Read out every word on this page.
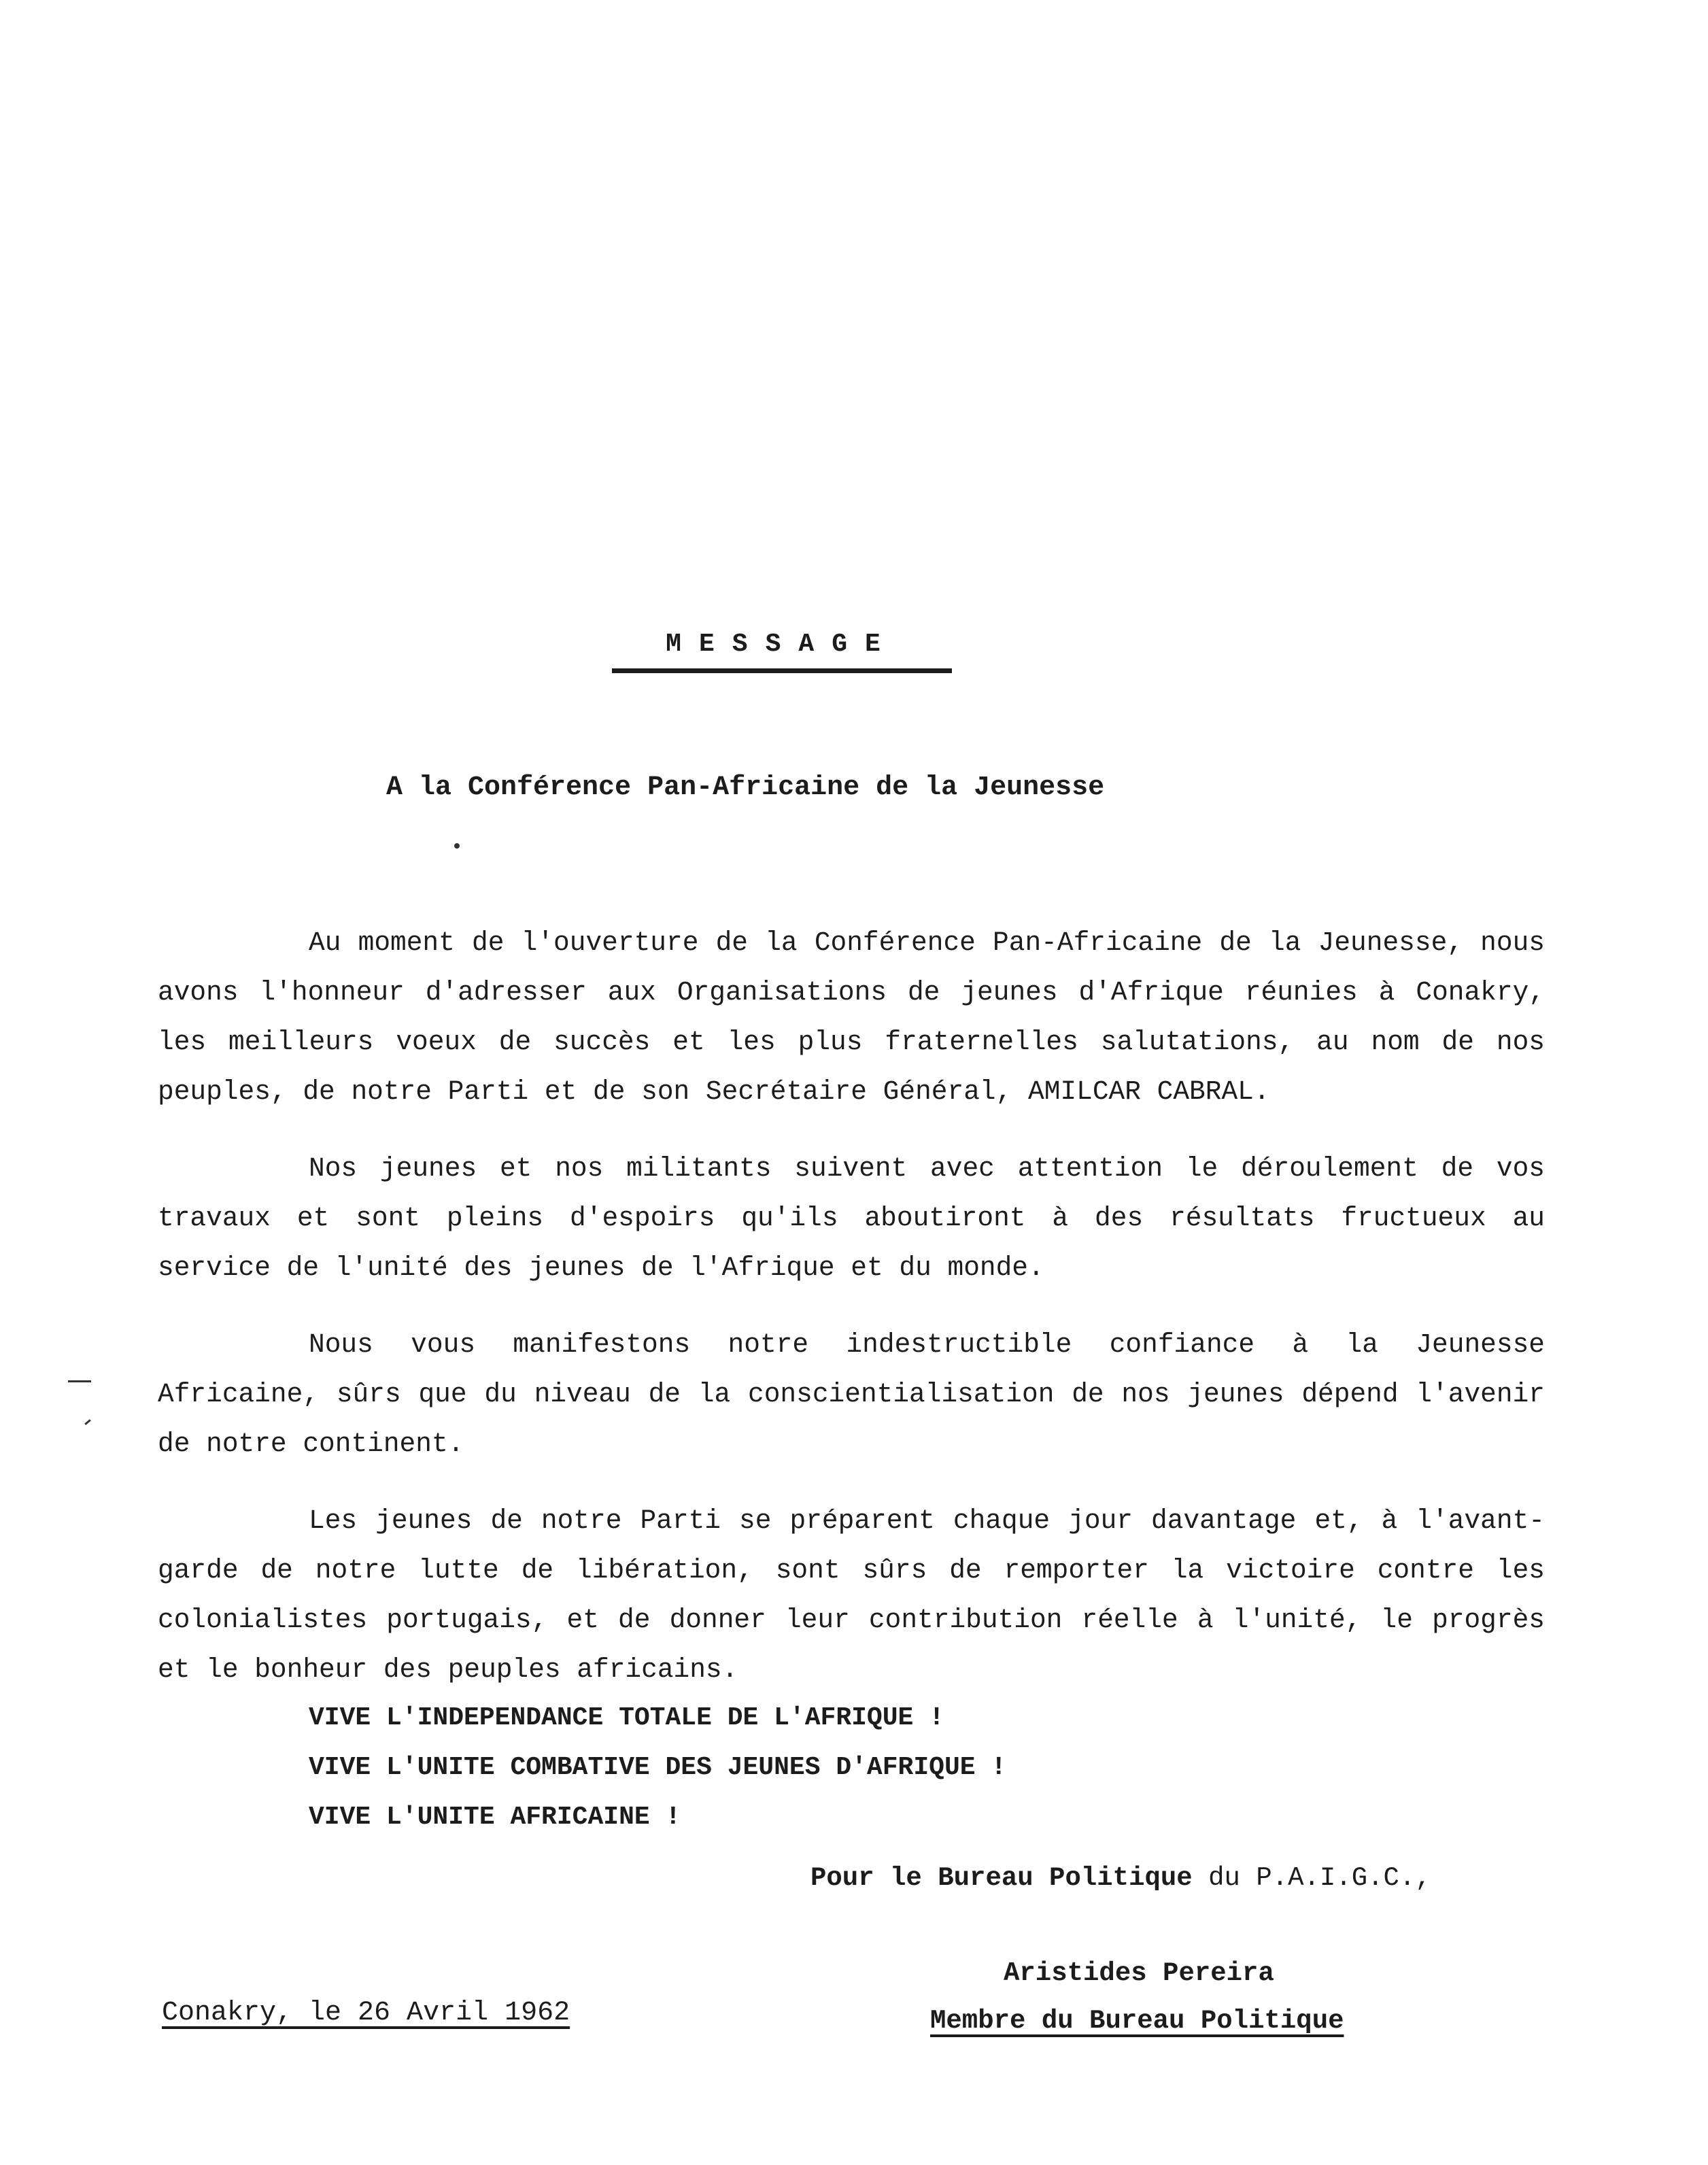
MESSAGE
A la Conférence Pan-Africaine de la Jeunesse

Au moment de l'ouverture de la Conférence Pan-Africaine de la Jeunesse, nous avons l'honneur d'adresser aux Organisations de jeunes d'Afrique réunies à Conakry, les meilleurs voeux de succès et les plus fraternelles salutations, au nom de nos peuples, de notre Parti et de son Secrétaire Général, AMILCAR CABRAL.

Nos jeunes et nos militants suivent avec attention le déroulement de vos travaux et sont pleins d'espoirs qu'ils aboutiront à des résultats fructueux au service de l'unité des jeunes de l'Afrique et du monde.

Nous vous manifestons notre indestructible confiance à la Jeunesse Africaine, sûrs que du niveau de la conscientialisation de nos jeunes dépend l'avenir de notre continent.

Les jeunes de notre Parti se préparent chaque jour davantage et, à l'avant-garde de notre lutte de libération, sont sûrs de remporter la victoire contre les colonialistes portugais, et de donner leur contribution réelle à l'unité, le progrès et le bonheur des peuples africains.

VIVE L'INDEPENDANCE TOTALE DE L'AFRIQUE !
VIVE L'UNITE COMBATIVE DES JEUNES D'AFRIQUE !
VIVE L'UNITE AFRICAINE !
Pour le Bureau Politique du P.A.I.G.C.,
Aristides Pereira
Membre du Bureau Politique
Conakry, le 26 Avril 1962
